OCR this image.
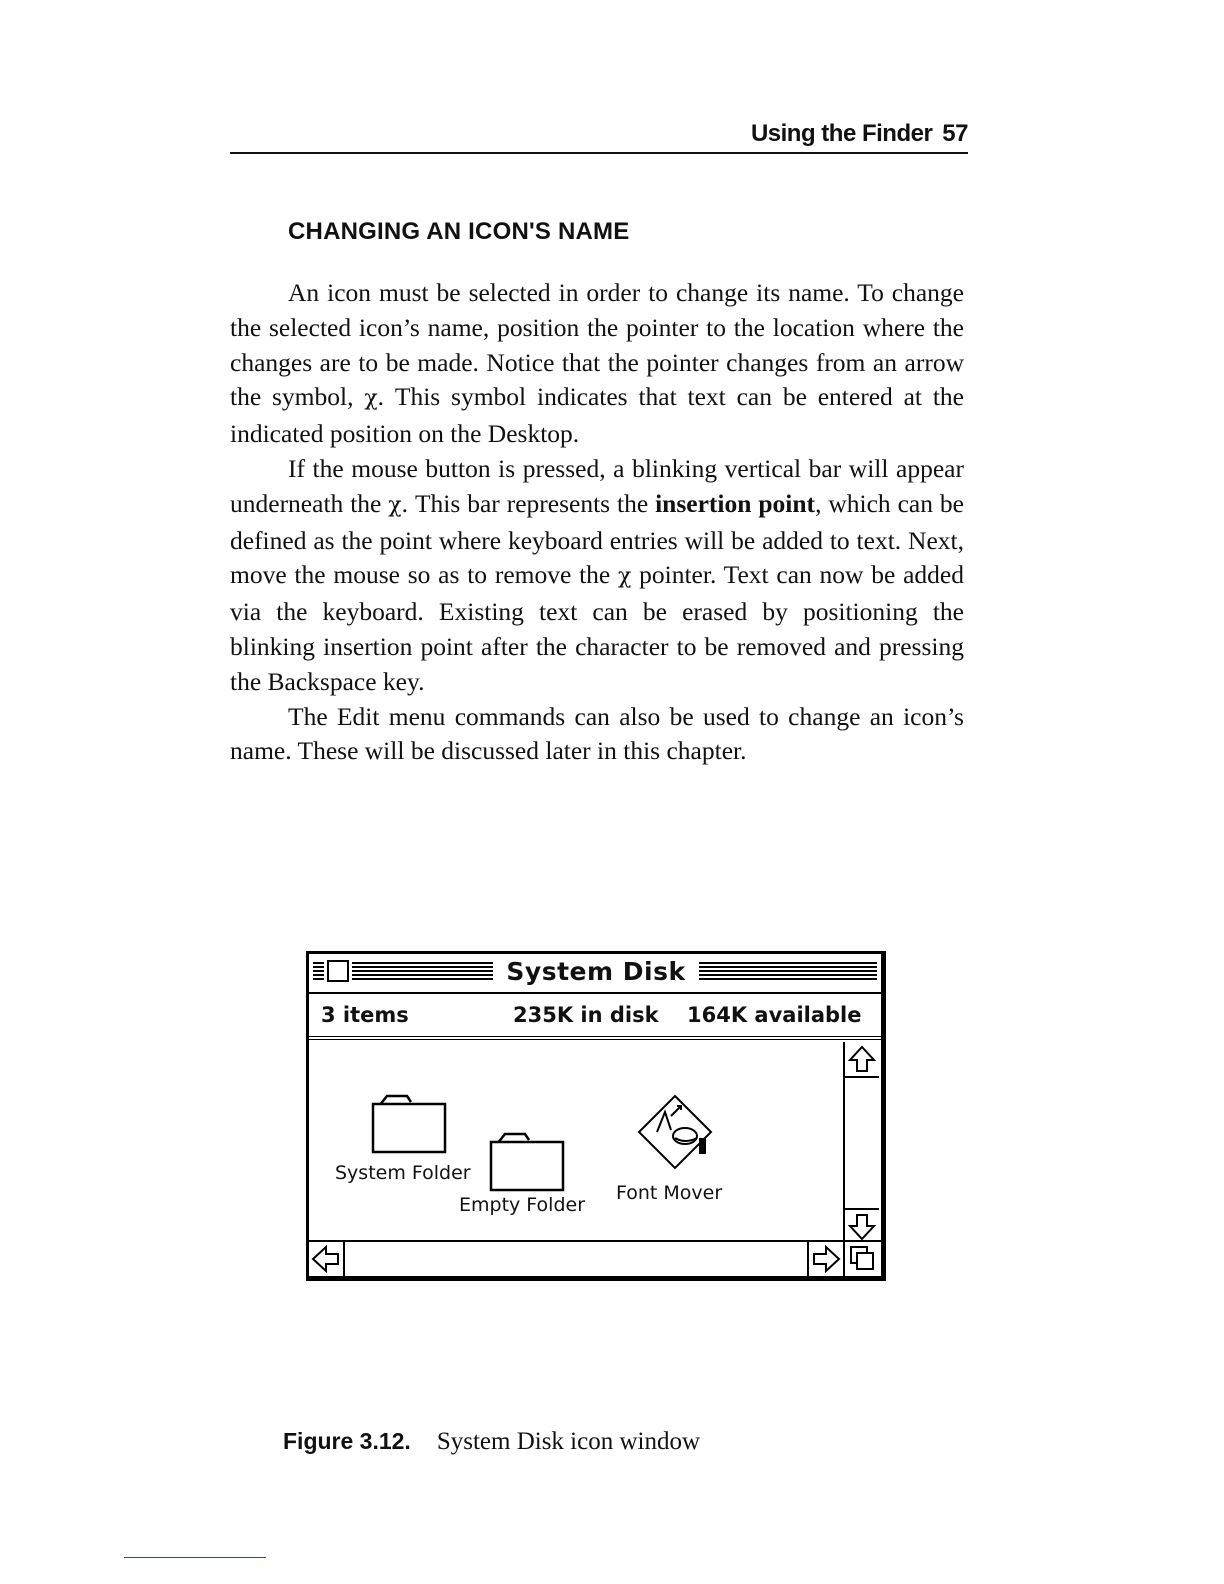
Using the Finder 57
CHANGING AN ICON'S NAME

An icon must be selected in order to change its name. To change the selected icon’s name, position the pointer to the location where the changes are to be made. Notice that the pointer changes from an arrow the symbol, χ. This symbol indicates that text can be entered at the indicated position on the Desktop.

If the mouse button is pressed, a blinking vertical bar will appear underneath the χ. This bar represents the insertion point, which can be defined as the point where keyboard entries will be added to text. Next, move the mouse so as to remove the χ pointer. Text can now be added via the keyboard. Existing text can be erased by positioning the blinking insertion point after the character to be removed and pressing the Backspace key.

The Edit menu commands can also be used to change an icon’s name. These will be discussed later in this chapter.

System Disk
3 items	235K in disk 164K available
System Folder
Empty Folder
Font Mover
Figure 3.12. System Disk icon window
